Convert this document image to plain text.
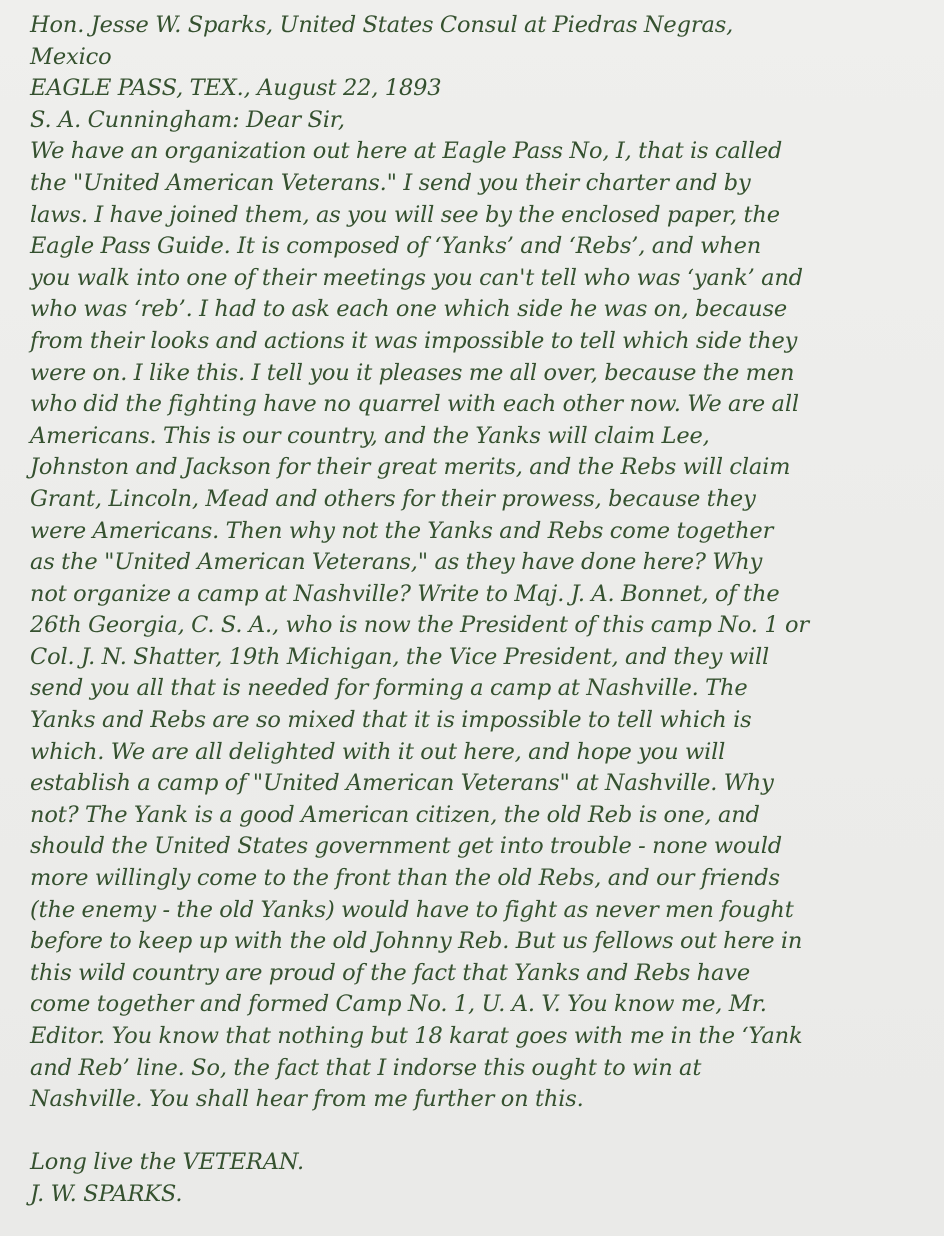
Hon. Jesse W. Sparks, United States Consul at Piedras Negras,
Mexico
EAGLE PASS, TEX., August 22, 1893
S. A. Cunningham: Dear Sir,
We have an organization out here at Eagle Pass No, I, that is called
the "United American Veterans." I send you their charter and by
laws. I have joined them, as you will see by the enclosed paper, the
Eagle Pass Guide. It is composed of ‘Yanks’ and ‘Rebs’, and when
you walk into one of their meetings you can't tell who was ‘yank’ and
who was ‘reb’. I had to ask each one which side he was on, because
from their looks and actions it was impossible to tell which side they
were on. I like this. I tell you it pleases me all over, because the men
who did the fighting have no quarrel with each other now. We are all
Americans. This is our country, and the Yanks will claim Lee,
Johnston and Jackson for their great merits, and the Rebs will claim
Grant, Lincoln, Mead and others for their prowess, because they
were Americans. Then why not the Yanks and Rebs come together
as the "United American Veterans," as they have done here? Why
not organize a camp at Nashville? Write to Maj. J. A. Bonnet, of the
26th Georgia, C. S. A., who is now the President of this camp No. 1 or
Col. J. N. Shatter, 19th Michigan, the Vice President, and they will
send you all that is needed for forming a camp at Nashville. The
Yanks and Rebs are so mixed that it is impossible to tell which is
which. We are all delighted with it out here, and hope you will
establish a camp of "United American Veterans" at Nashville. Why
not? The Yank is a good American citizen, the old Reb is one, and
should the United States government get into trouble - none would
more willingly come to the front than the old Rebs, and our friends
(the enemy - the old Yanks) would have to fight as never men fought
before to keep up with the old Johnny Reb. But us fellows out here in
this wild country are proud of the fact that Yanks and Rebs have
come together and formed Camp No. 1, U. A. V. You know me, Mr.
Editor. You know that nothing but 18 karat goes with me in the ‘Yank
and Reb’ line. So, the fact that I indorse this ought to win at
Nashville. You shall hear from me further on this.
Long live the VETERAN.
J. W. SPARKS.
